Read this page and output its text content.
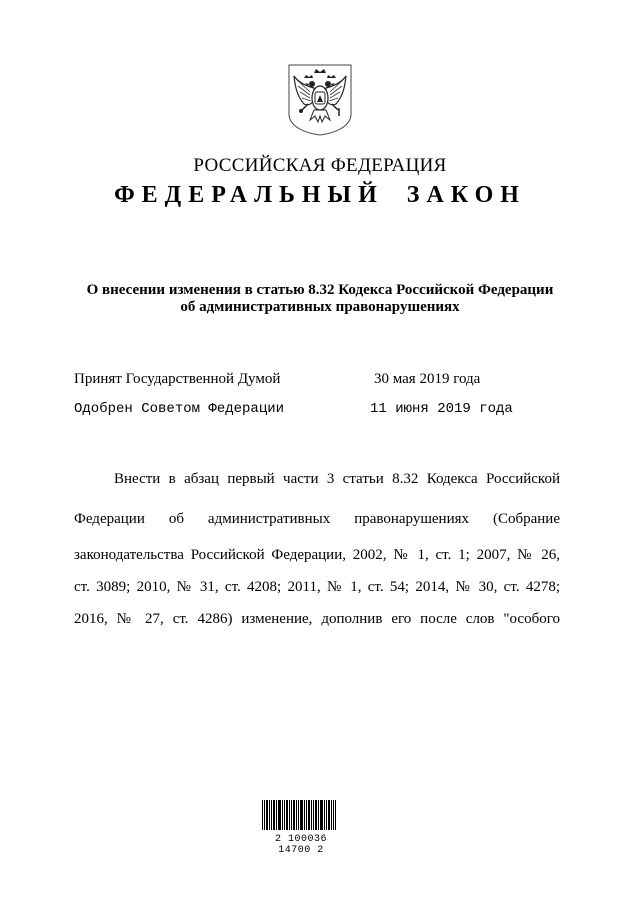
РОССИЙСКАЯ ФЕДЕРАЦИЯ
ФЕДЕРАЛЬНЫЙ ЗАКОН
О внесении изменения в статью 8.32 Кодекса Российской Федерации
об административных правонарушениях
Принят Государственной Думой	30 мая 2019 года
Одобрен Советом Федерации	11 июня 2019 года
Внести в абзац первый части 3 статьи 8.32 Кодекса Российской
Федерации об административных правонарушениях (Собрание
законодательства Российской Федерации, 2002, № 1, ст. 1; 2007, № 26,
ст. 3089; 2010, № 31, ст. 4208; 2011, № 1, ст. 54; 2014, № 30, ст. 4278;
2016, № 27, ст. 4286) изменение, дополнив его после слов "особого
2 100036 14700 2
